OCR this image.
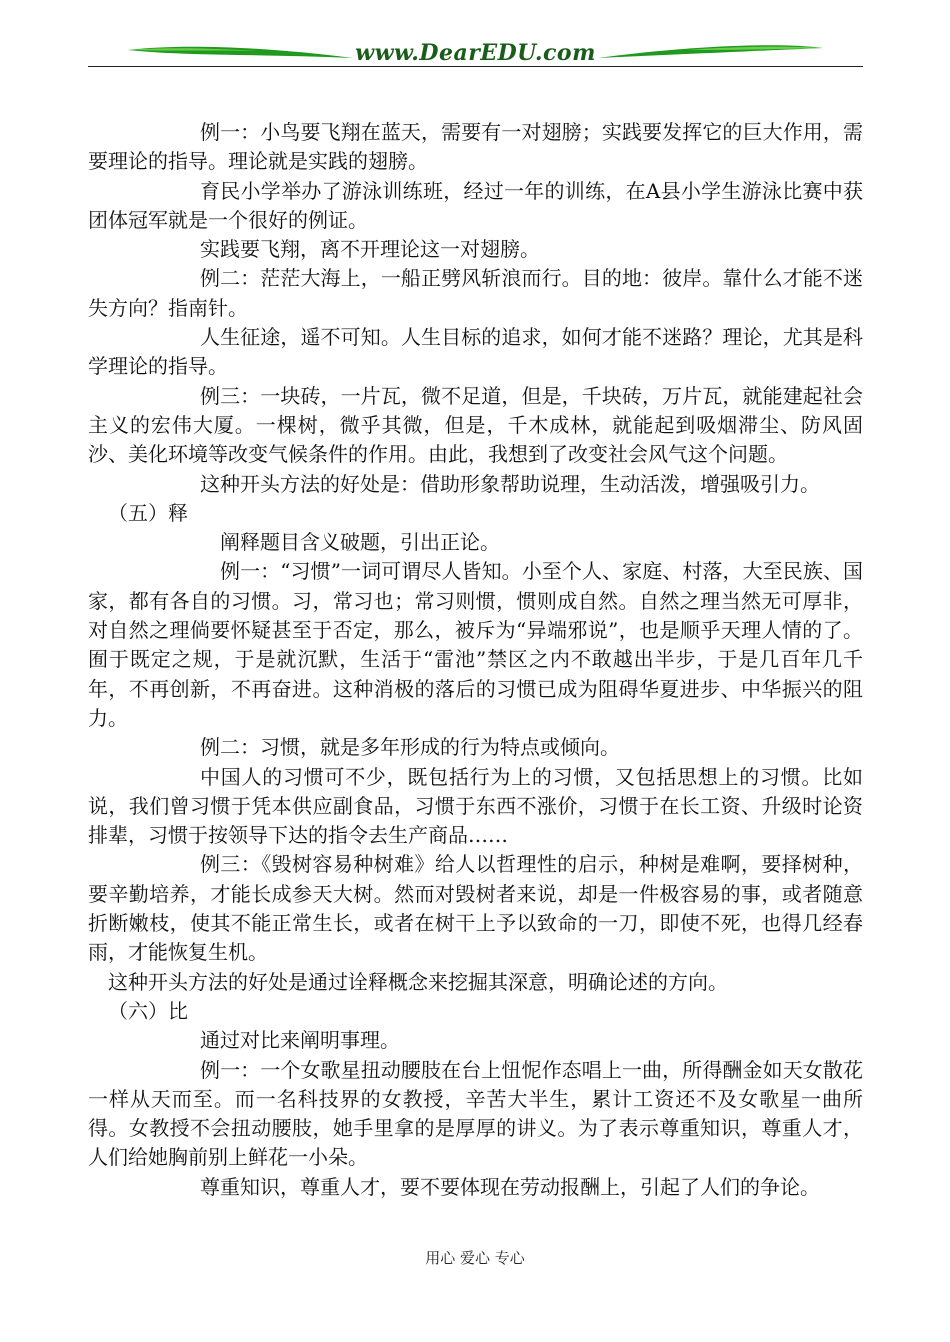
www.DearEDU.com

例一：小鸟要飞翔在蓝天，需要有一对翅膀；实践要发挥它的巨大作用，需要理论的指导。理论就是实践的翅膀。

育民小学举办了游泳训练班，经过一年的训练，在A县小学生游泳比赛中获团体冠军就是一个很好的例证。

实践要飞翔，离不开理论这一对翅膀。

例二：茫茫大海上，一船正劈风斩浪而行。目的地：彼岸。靠什么才能不迷失方向？指南针。

人生征途，遥不可知。人生目标的追求，如何才能不迷路？理论，尤其是科学理论的指导。

例三：一块砖，一片瓦，微不足道，但是，千块砖，万片瓦，就能建起社会主义的宏伟大厦。一棵树，微乎其微，但是，千木成林，就能起到吸烟滞尘、防风固沙、美化环境等改变气候条件的作用。由此，我想到了改变社会风气这个问题。

这种开头方法的好处是：借助形象帮助说理，生动活泼，增强吸引力。

（五）释

阐释题目含义破题，引出正论。

例一：“习惯”一词可谓尽人皆知。小至个人、家庭、村落，大至民族、国家，都有各自的习惯。习，常习也；常习则惯，惯则成自然。自然之理当然无可厚非，对自然之理倘要怀疑甚至于否定，那么，被斥为“异端邪说”，也是顺乎天理人情的了。囿于既定之规，于是就沉默，生活于“雷池”禁区之内不敢越出半步，于是几百年几千年，不再创新，不再奋进。这种消极的落后的习惯已成为阻碍华夏进步、中华振兴的阻力。

例二：习惯，就是多年形成的行为特点或倾向。

中国人的习惯可不少，既包括行为上的习惯，又包括思想上的习惯。比如说，我们曾习惯于凭本供应副食品，习惯于东西不涨价，习惯于在长工资、升级时论资排辈，习惯于按领导下达的指令去生产商品……

例三：《毁树容易种树难》给人以哲理性的启示，种树是难啊，要择树种，要辛勤培养，才能长成参天大树。然而对毁树者来说，却是一件极容易的事，或者随意折断嫩枝，使其不能正常生长，或者在树干上予以致命的一刀，即使不死，也得几经春雨，才能恢复生机。

这种开头方法的好处是通过诠释概念来挖掘其深意，明确论述的方向。

（六）比

通过对比来阐明事理。

例一：一个女歌星扭动腰肢在台上忸怩作态唱上一曲，所得酬金如天女散花一样从天而至。而一名科技界的女教授，辛苦大半生，累计工资还不及女歌星一曲所得。女教授不会扭动腰肢，她手里拿的是厚厚的讲义。为了表示尊重知识，尊重人才，人们给她胸前别上鲜花一小朵。

尊重知识，尊重人才，要不要体现在劳动报酬上，引起了人们的争论。

用心 爱心 专心
